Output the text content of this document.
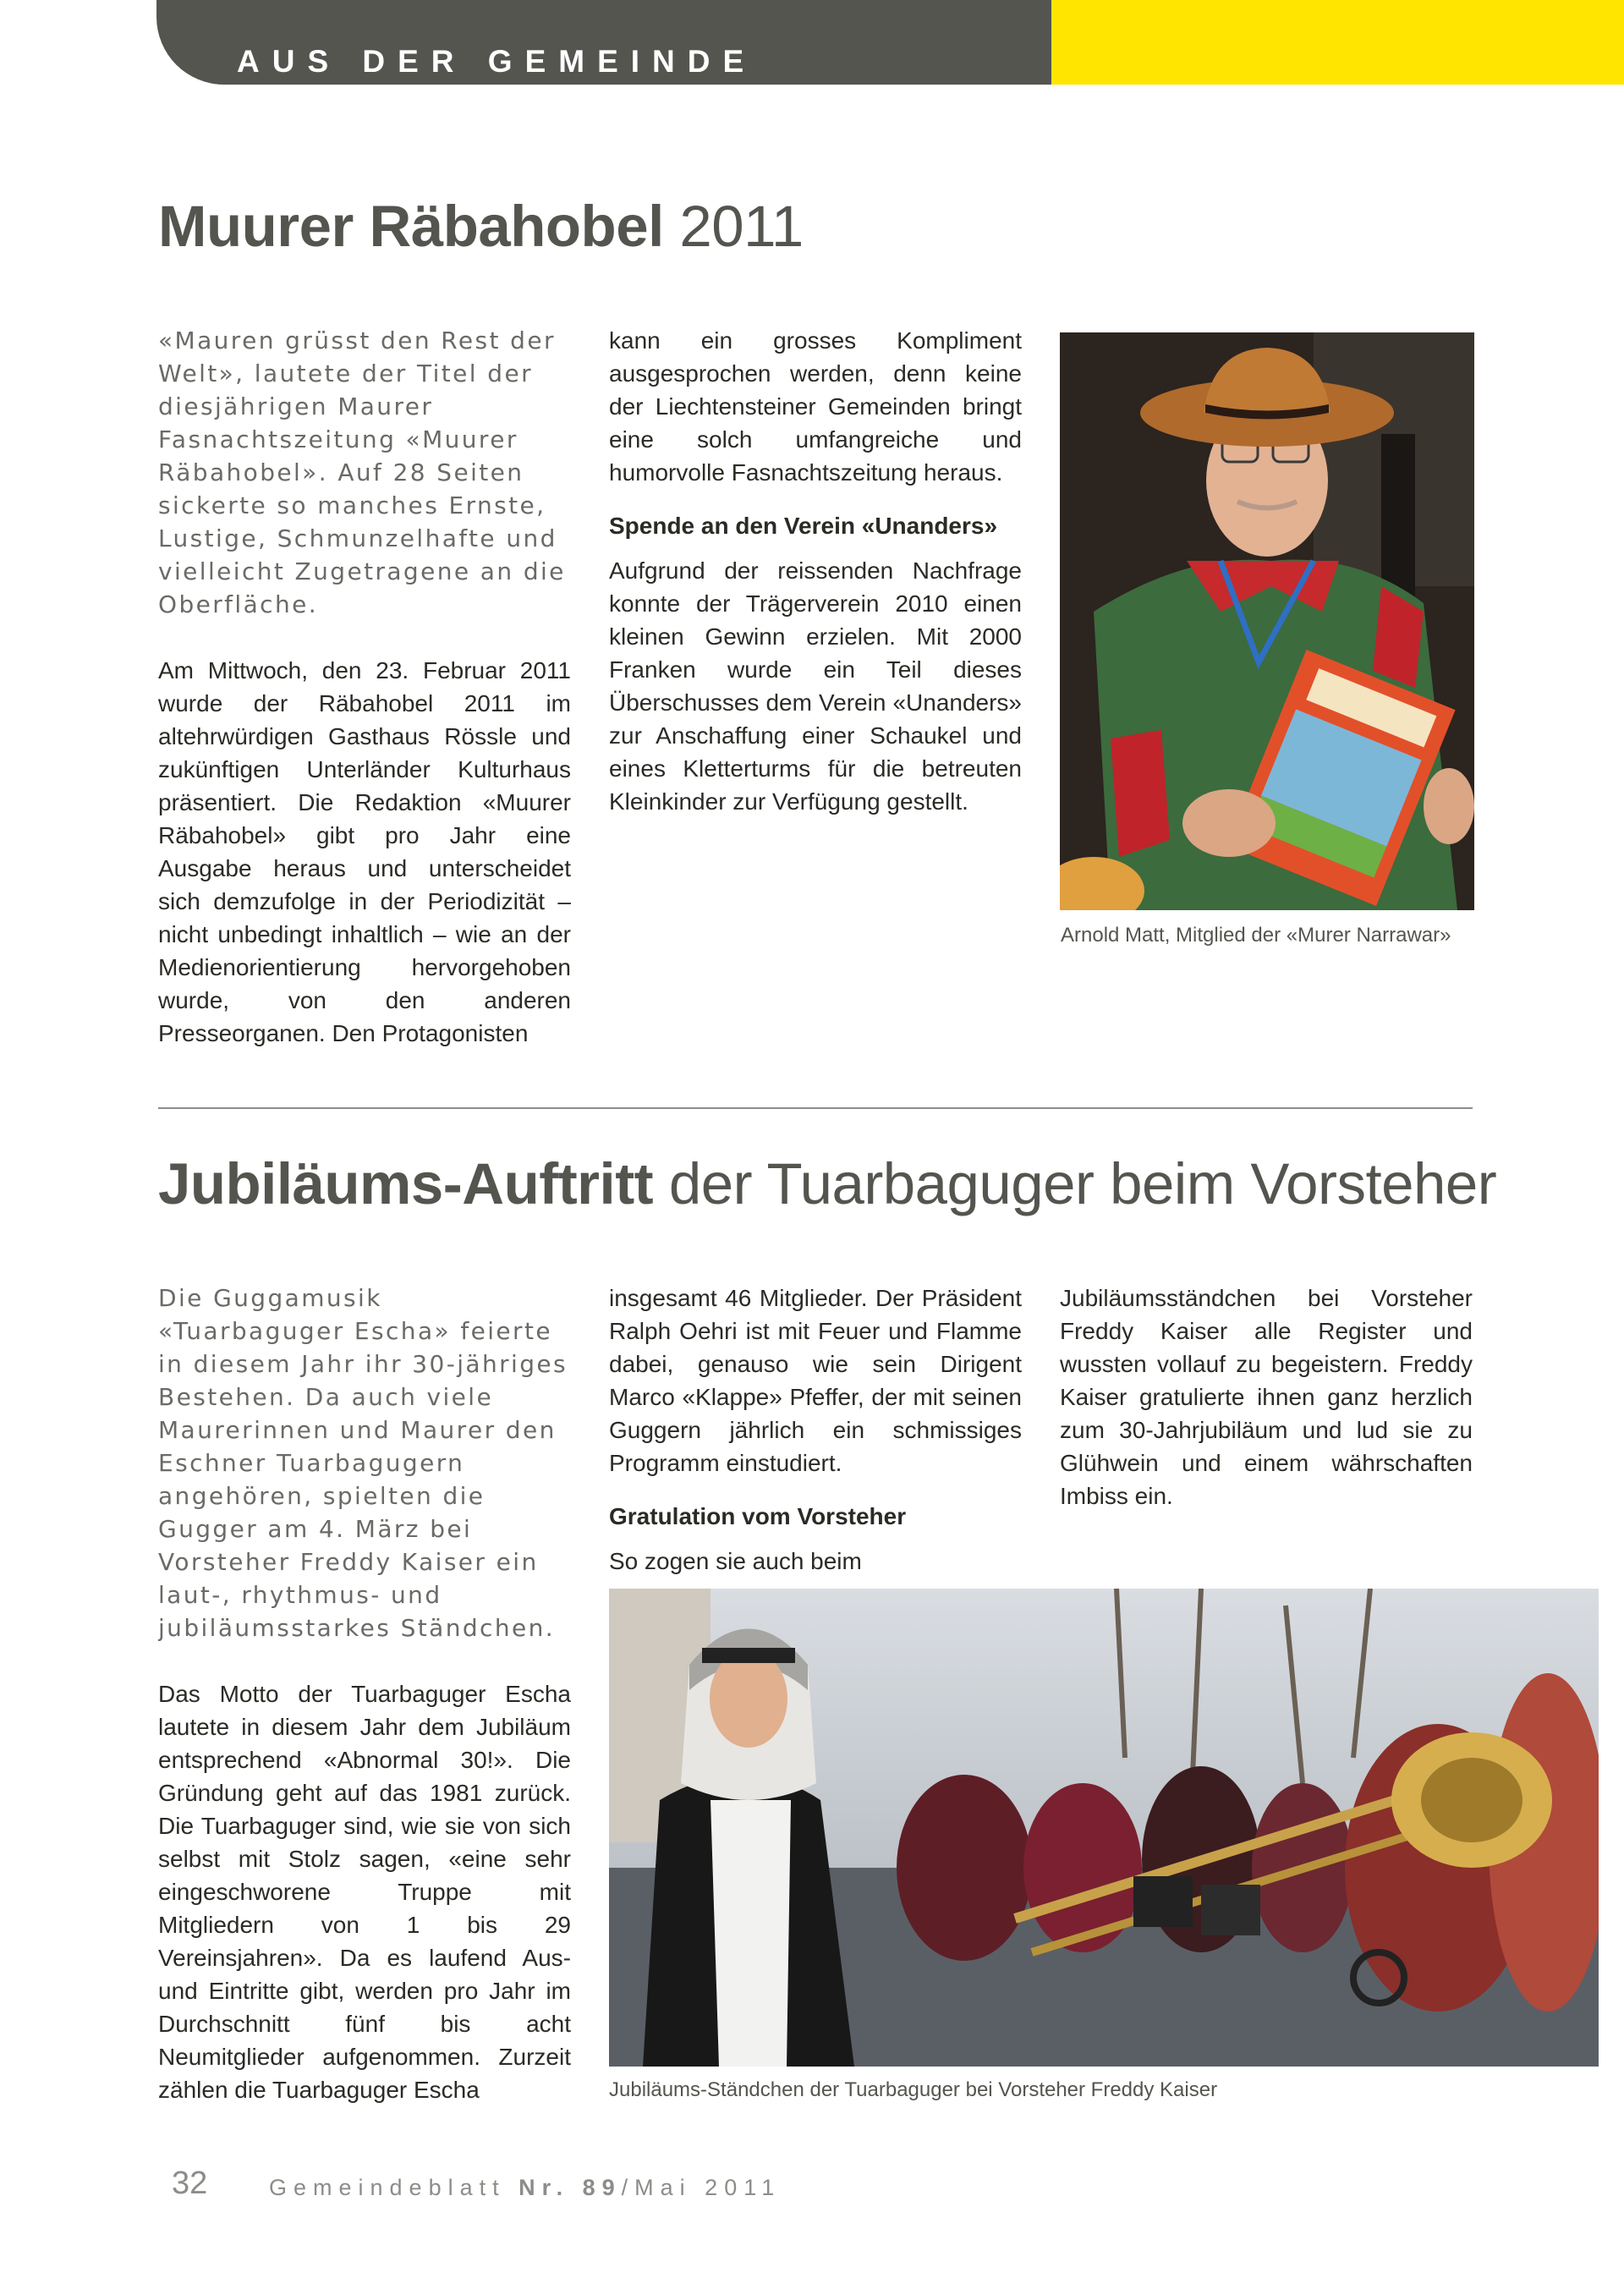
AUS DER GEMEINDE
Muurer Räbahobel 2011

«Mauren grüsst den Rest der Welt», lautete der Titel der diesjährigen Maurer Fasnachtszeitung «Muurer Räbahobel». Auf 28 Seiten sickerte so manches Ernste, Lustige, Schmunzelhafte und vielleicht Zugetragene an die Oberfläche.

Am Mittwoch, den 23. Februar 2011 wurde der Räbahobel 2011 im altehrwürdigen Gasthaus Rössle und zukünftigen Unterländer Kulturhaus präsentiert. Die Redaktion «Muurer Räbahobel» gibt pro Jahr eine Ausgabe heraus und unterscheidet sich demzufolge in der Periodizität – nicht unbedingt inhaltlich – wie an der Medienorientierung hervorgehoben wurde, von den anderen Presseorganen. Den Protagonisten

kann ein grosses Kompliment ausgesprochen werden, denn keine der Liechtensteiner Gemeinden bringt eine solch umfangreiche und humorvolle Fasnachtszeitung heraus.

Spende an den Verein «Unanders»

Aufgrund der reissenden Nachfrage konnte der Trägerverein 2010 einen kleinen Gewinn erzielen. Mit 2000 Franken wurde ein Teil dieses Überschusses dem Verein «Unanders» zur Anschaffung einer Schaukel und eines Kletterturms für die betreuten Kleinkinder zur Verfügung gestellt.

Arnold Matt, Mitglied der «Murer Narrawar»
Jubiläums-Auftritt der Tuarbaguger beim Vorsteher

Die Guggamusik «Tuarbaguger Escha» feierte in diesem Jahr ihr 30-jähriges Bestehen. Da auch viele Maurerinnen und Maurer den Eschner Tuarbagugern angehören, spielten die Gugger am 4. März bei Vorsteher Freddy Kaiser ein laut-, rhythmus- und jubiläumsstarkes Ständchen.

Das Motto der Tuarbaguger Escha lautete in diesem Jahr dem Jubiläum entsprechend «Abnormal 30!». Die Gründung geht auf das 1981 zurück. Die Tuarbaguger sind, wie sie von sich selbst mit Stolz sagen, «eine sehr eingeschworene Truppe mit Mitgliedern von 1 bis 29 Vereinsjahren». Da es laufend Aus- und Eintritte gibt, werden pro Jahr im Durchschnitt fünf bis acht Neumitglieder aufgenommen. Zurzeit zählen die Tuarbaguger Escha

insgesamt 46 Mitglieder. Der Präsident Ralph Oehri ist mit Feuer und Flamme dabei, genauso wie sein Dirigent Marco «Klappe» Pfeffer, der mit seinen Guggern jährlich ein schmissiges Programm einstudiert.

Gratulation vom Vorsteher

So zogen sie auch beim

Jubiläumsständchen bei Vorsteher Freddy Kaiser alle Register und wussten vollauf zu begeistern. Freddy Kaiser gratulierte ihnen ganz herzlich zum 30-Jahrjubiläum und lud sie zu Glühwein und einem währschaften Imbiss ein.

Jubiläums-Ständchen der Tuarbaguger bei Vorsteher Freddy Kaiser
32	Gemeindeblatt Nr. 89/Mai 2011
